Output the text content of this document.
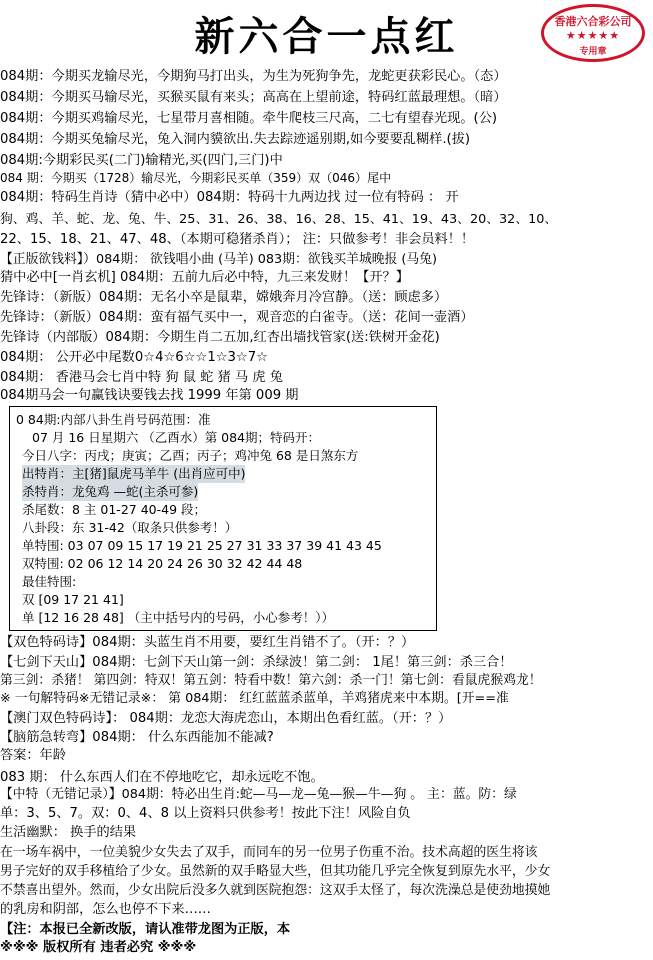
新六合一点红	香港六合彩公司
★★★★★
专用章
084期：今期买龙输尽光，今期狗马打出头，为生为死狗争先，龙蛇更获彩民心。（态）
084期：今期买马输尽光，买猴买鼠有来头；高高在上望前途，特码红蓝最理想。（暗）
084期：今期买鸡输尽光，七星带月喜相随。牵牛爬枝三尺高，二七有望春光现。(公)
084期：今期买兔输尽光，兔入洞内貘欲出.失去踪迹遥别期,如今要要乱糊样.(拔)
084期:今期彩民买(二门)输精光,买(四门,三门)中
084 期：今期买（1728）输尽光，今期彩民买单（359）双（046）尾中
084期：特码生肖诗（猜中必中）084期：特码十九两边找 过一位有特码 ： 开
狗、鸡、羊、蛇、龙、兔、牛、25、31、26、38、16、28、15、41、19、43、20、32、10、
22、15、18、21、47、48、（本期可稳猪杀肖）； 注：只做参考！非会员料！！
【正版欲钱料】）084期： 欲钱唱小曲 (马羊) 083期：欲钱买羊城晚报 (马兔)
猜中必中[一肖玄机] 084期：五前九后必中特，九三来发财！【开？】
先锋诗：（新版）084期：无名小卒是鼠辈，嫦娥奔月冷宫静。（送：顾虑多）
先锋诗：（新版）084期：蛮有福气买中一，观音恋的白雀寺。（送：花间一壶酒）
先锋诗（内部版）084期：今期生肖二五加,红杏出墙找管家(送:铁树开金花)
084期： 公开必中尾数0☆4☆6☆☆1☆3☆7☆
084期： 香港马会七肖中特 狗 鼠 蛇 猪 马 虎 兔
084期马会一句赢钱诀要钱去找 1999 年第 009 期
0 84期:内部八卦生肖号码范围：准
07 月 16 日星期六 （乙酉水）第 084期；特码开：
今日八字：丙戌；庚寅；乙酉；丙子；鸡冲兔 68 是日煞东方
出特肖：主[猪]鼠虎马羊牛 (出肖应可中)
杀特肖：龙兔鸡 —蛇(主杀可参)
杀尾数：8 主 01-27 40-49 段；
八卦段：东 31-42（取条只供参考！）
单特围: 03 07 09 15 17 19 21 25 27 31 33 37 39 41 43 45
双特围: 02 06 12 14 20 24 26 30 32 42 44 48
最佳特围:
双 [09 17 21 41]
单 [12 16 28 48] （主中括号内的号码，小心参考！））
【双色特码诗】084期：头蓝生肖不用要，要红生肖错不了。（开：？）
【七剑下天山】084期：七剑下天山第一剑：杀绿波！第二剑： 1尾！第三剑：杀三合！
第三剑：杀猪！ 第四剑：特双！第五剑：特看中数！第六剑：杀一门！第七剑：看鼠虎猴鸡龙！
※ 一句解特码※无错记录※： 第 084期： 红红蓝蓝杀蓝单，羊鸡猪虎来中本期。[开==准
【澳门双色特码诗】： 084期：龙恋大海虎恋山，本期出色看红蓝。（开：？）
【脑筋急转弯】084期： 什么东西能加不能减?
答案：年龄
083 期： 什么东西人们在不停地吃它，却永远吃不饱。
【中特（无错记录）】084期：特必出生肖:蛇—马—龙—兔—猴—牛—狗 。 主：蓝。防：绿
单：3、5、7。双：0、4、8 以上资料只供参考！按此下注！风险自负
生活幽默： 换手的结果
在一场车祸中，一位美貌少女失去了双手，而同车的另一位男子伤重不治。技术高超的医生将该
男子完好的双手移植给了少女。虽然新的双手略显大些，但其功能几乎完全恢复到原先水平，少女
不禁喜出望外。然而，少女出院后没多久就到医院抱怨：这双手太怪了，每次洗澡总是使劲地摸她
的乳房和阴部，怎么也停不下来……
【注：本报已全新改版，请认准带龙图为正版，本
※※※ 版权所有 违者必究 ※※※
